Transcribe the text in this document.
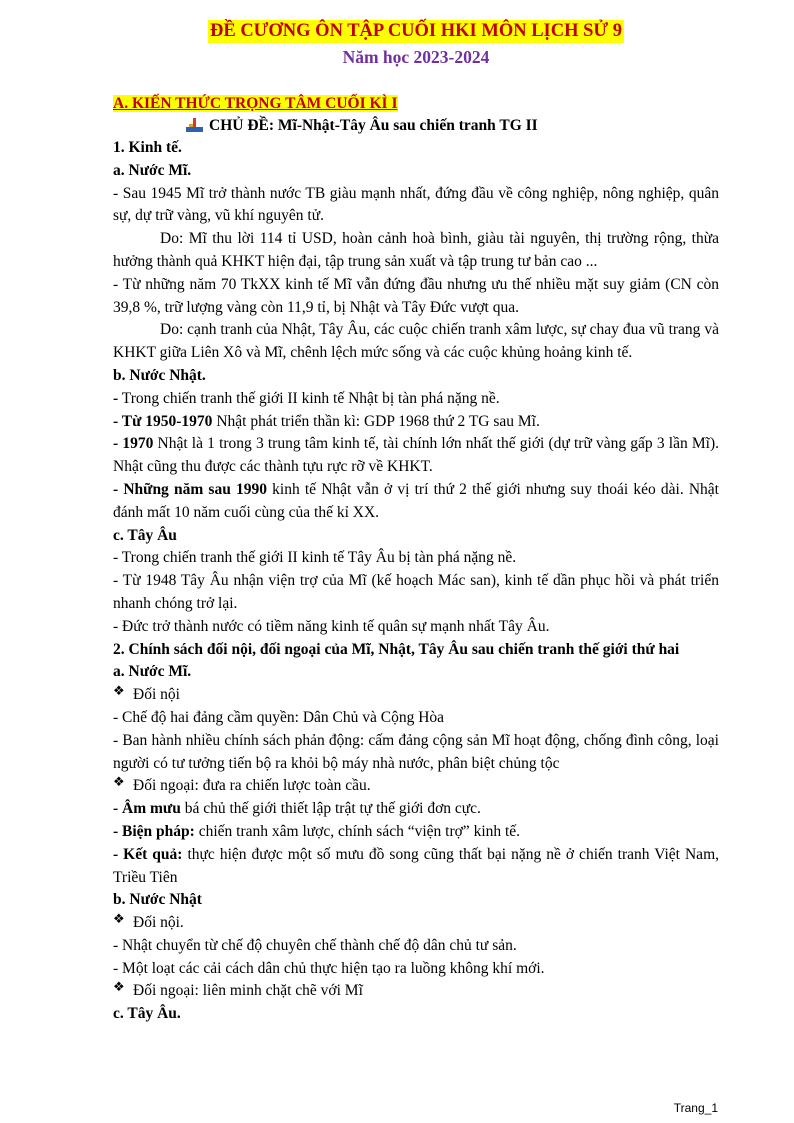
ĐỀ CƯƠNG ÔN TẬP CUỐI HKI MÔN LỊCH SỬ 9
Năm học 2023-2024
A. KIẾN THỨC TRỌNG TÂM CUỐI KÌ I
CHỦ ĐỀ: Mĩ-Nhật-Tây Âu sau chiến tranh TG II

1. Kinh tế.

a. Nước Mĩ.

- Sau 1945 Mĩ trở thành nước TB giàu mạnh nhất, đứng đầu về công nghiệp, nông nghiệp, quân sự, dự trữ vàng, vũ khí nguyên tử.

Do: Mĩ thu lời 114 tỉ USD, hoàn cảnh hoà bình, giàu tài nguyên, thị trường rộng, thừa hưởng thành quả KHKT hiện đại, tập trung sản xuất và tập trung tư bản cao ...

- Từ những năm 70 TkXX kinh tế Mĩ vẫn đứng đầu nhưng ưu thế nhiều mặt suy giảm (CN còn 39,8 %, trữ lượng vàng còn 11,9 tỉ, bị Nhật và Tây Đức vượt qua.

Do: cạnh tranh của Nhật, Tây Âu, các cuộc chiến tranh xâm lược, sự chay đua vũ trang và KHKT giữa Liên Xô và Mĩ, chênh lệch mức sống và các cuộc khủng hoảng kinh tế.

b. Nước Nhật.

- Trong chiến tranh thế giới II kinh tế Nhật bị tàn phá nặng nề.

- Từ 1950-1970 Nhật phát triển thần kì: GDP 1968 thứ 2 TG sau Mĩ.

- 1970 Nhật là 1 trong 3 trung tâm kinh tế, tài chính lớn nhất thế giới (dự trữ vàng gấp 3 lần Mĩ). Nhật cũng thu được các thành tựu rực rỡ về KHKT.

- Những năm sau 1990 kinh tế Nhật vẫn ở vị trí thứ 2 thế giới nhưng suy thoái kéo dài. Nhật đánh mất 10 năm cuối cùng của thế kỉ XX.

c. Tây Âu

- Trong chiến tranh thế giới II kinh tế Tây Âu bị tàn phá nặng nề.

- Từ 1948 Tây Âu nhận viện trợ của Mĩ (kế hoạch Mác san), kinh tế dần phục hồi và phát triển nhanh chóng trở lại.

- Đức trở thành nước có tiềm năng kinh tế quân sự mạnh nhất Tây Âu.

2. Chính sách đối nội, đối ngoại của Mĩ, Nhật, Tây Âu sau chiến tranh thế giới thứ hai

a. Nước Mĩ.

❖ Đối nội

- Chế độ hai đảng cầm quyền: Dân Chủ và Cộng Hòa

- Ban hành nhiều chính sách phản động: cấm đảng cộng sản Mĩ hoạt động, chống đình công, loại người có tư tưởng tiến bộ ra khỏi bộ máy nhà nước, phân biệt chủng tộc

❖ Đối ngoại: đưa ra chiến lược toàn cầu.

- Âm mưu bá chủ thế giới thiết lập trật tự thế giới đơn cực.

- Biện pháp: chiến tranh xâm lược, chính sách “viện trợ” kinh tế.

- Kết quả: thực hiện được một số mưu đồ song cũng thất bại nặng nề ở chiến tranh Việt Nam, Triều Tiên

b. Nước Nhật

❖ Đối nội.

- Nhật chuyển từ chế độ chuyên chế thành chế độ dân chủ tư sản.

- Một loạt các cải cách dân chủ thực hiện tạo ra luồng không khí mới.

❖ Đối ngoại: liên minh chặt chẽ với Mĩ

c. Tây Âu.

Trang_1
